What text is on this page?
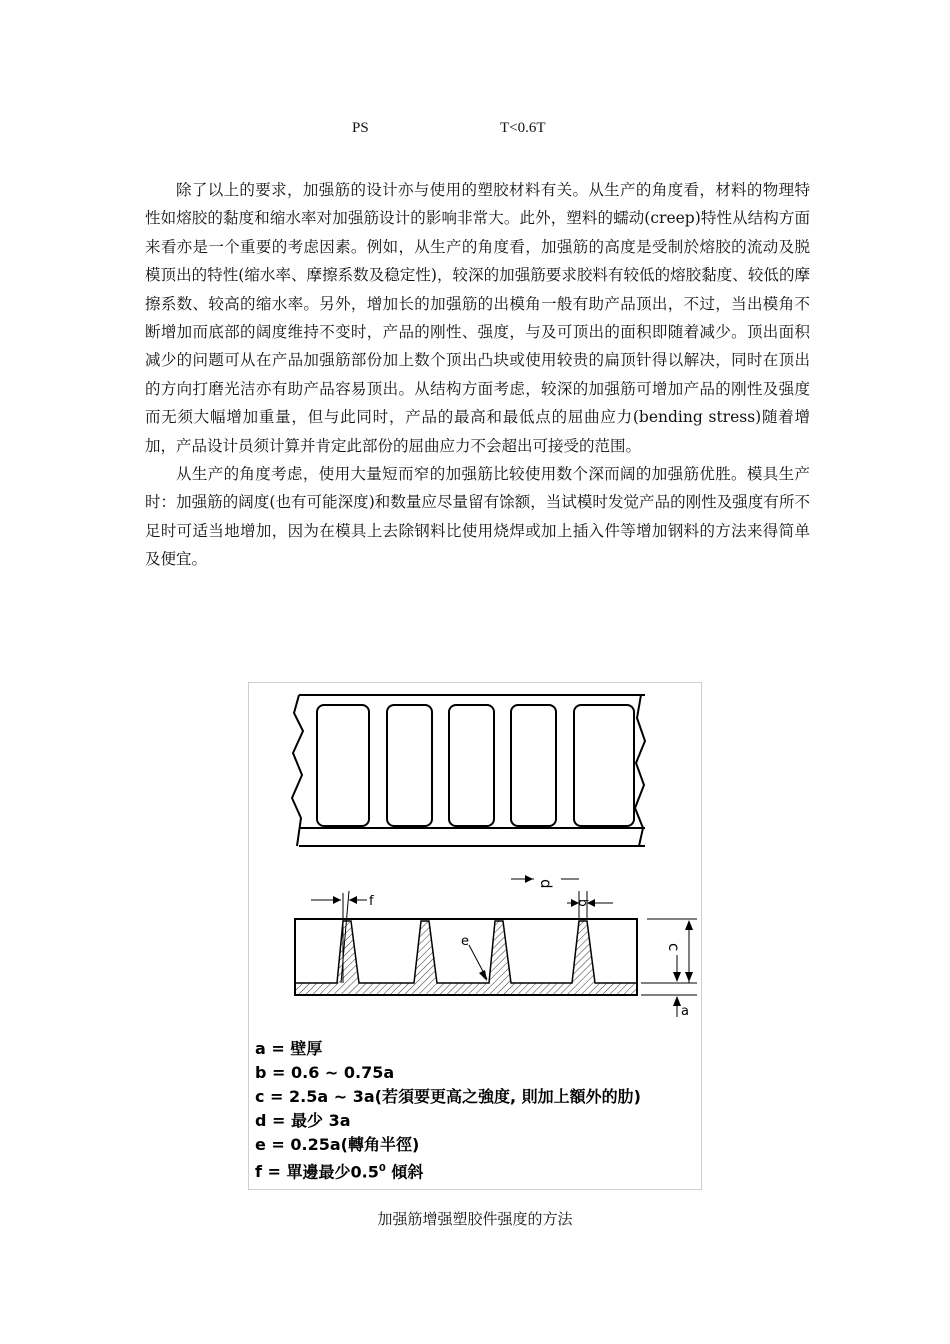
PS	T<0.6T

除了以上的要求，加强筋的设计亦与使用的塑胶材料有关。从生产的角度看，材料的物理特性如熔胶的黏度和缩水率对加强筋设计的影响非常大。此外，塑料的蠕动(creep)特性从结构方面来看亦是一个重要的考虑因素。例如，从生产的角度看，加强筋的高度是受制於熔胶的流动及脱模顶出的特性(缩水率、摩擦系数及稳定性)，较深的加强筋要求胶料有较低的熔胶黏度、较低的摩擦系数、较高的缩水率。另外，增加长的加强筋的出模角一般有助产品顶出，不过，当出模角不断增加而底部的阔度维持不变时，产品的刚性、强度，与及可顶出的面积即随着减少。顶出面积减少的问题可从在产品加强筋部份加上数个顶出凸块或使用较贵的扁顶针得以解决，同时在顶出的方向打磨光洁亦有助产品容易顶出。从结构方面考虑，较深的加强筋可增加产品的刚性及强度而无须大幅增加重量，但与此同时，产品的最高和最低点的屈曲应力(bending stress)随着增加，产品设计员须计算并肯定此部份的屈曲应力不会超出可接受的范围。

从生产的角度考虑，使用大量短而窄的加强筋比较使用数个深而阔的加强筋优胜。模具生产时：加强筋的阔度(也有可能深度)和数量应尽量留有馀额，当试模时发觉产品的刚性及强度有所不足时可适当地增加，因为在模具上去除钢料比使用烧焊或加上插入件等增加钢料的方法来得简单及便宜。

e
d
b
f
c
a
a = 壁厚
b = 0.6 ~ 0.75a
c = 2.5a ~ 3a(若須要更高之強度, 則加上額外的肋)
d = 最少 3a
e = 0.25a(轉角半徑)
f = 單邊最少$0.5^0$ 傾斜
加强筋增强塑胶件强度的方法
